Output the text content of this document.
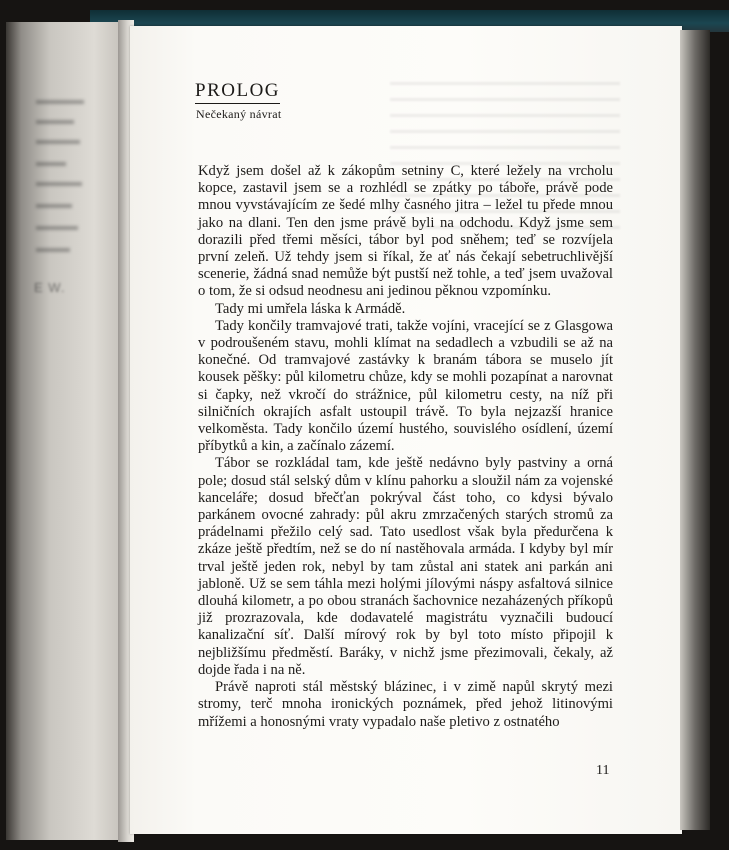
E W.
PROLOG
Nečekaný návrat

Když jsem došel až k zákopům setniny C, které ležely na vrcholu kopce, zastavil jsem se a rozhlédl se zpátky po táboře, právě pode mnou vyvstávajícím ze šedé mlhy časného jitra – ležel tu přede mnou jako na dlani. Ten den jsme právě byli na odchodu. Když jsme sem dorazili před třemi měsíci, tábor byl pod sněhem; teď se rozvíjela první zeleň. Už tehdy jsem si říkal, že ať nás čekají sebetruchlivější scenerie, žádná snad nemůže být pustší než tohle, a teď jsem uvažoval o tom, že si odsud neodnesu ani jedinou pěknou vzpomínku.

Tady mi umřela láska k Armádě.

Tady končily tramvajové trati, takže vojíni, vracející se z Glasgowa v podroušeném stavu, mohli klímat na sedadlech a vzbudili se až na konečné. Od tramvajové zastávky k branám tábora se muselo jít kousek pěšky: půl kilometru chůze, kdy se mohli pozapínat a narovnat si čapky, než vkročí do strážnice, půl kilometru cesty, na níž při silničních okrajích asfalt ustoupil trávě. To byla nejzazší hranice velkoměsta. Tady končilo území hustého, souvislého osídlení, území příbytků a kin, a začínalo zázemí.

Tábor se rozkládal tam, kde ještě nedávno byly pastviny a orná pole; dosud stál selský dům v klínu pahorku a sloužil nám za vojenské kanceláře; dosud břečťan pokrýval část toho, co kdysi bývalo parkánem ovocné zahrady: půl akru zmrzačených starých stromů za prádelnami přežilo celý sad. Tato usedlost však byla předurčena k zkáze ještě předtím, než se do ní nastěhovala armáda. I kdyby byl mír trval ještě jeden rok, nebyl by tam zůstal ani statek ani parkán ani jabloně. Už se sem táhla mezi holými jílovými náspy asfaltová silnice dlouhá kilometr, a po obou stranách šachovnice nezaházených příkopů již prozrazovala, kde dodavatelé magistrátu vyznačili budoucí kanalizační síť. Další mírový rok by byl toto místo připojil k nejbližšímu předměstí. Baráky, v nichž jsme přezimovali, čekaly, až dojde řada i na ně.

Právě naproti stál městský blázinec, i v zimě napůl skrytý mezi stromy, terč mnoha ironických poznámek, před jehož litinovými mřížemi a honosnými vraty vypadalo naše pletivo z ostnatého

11
